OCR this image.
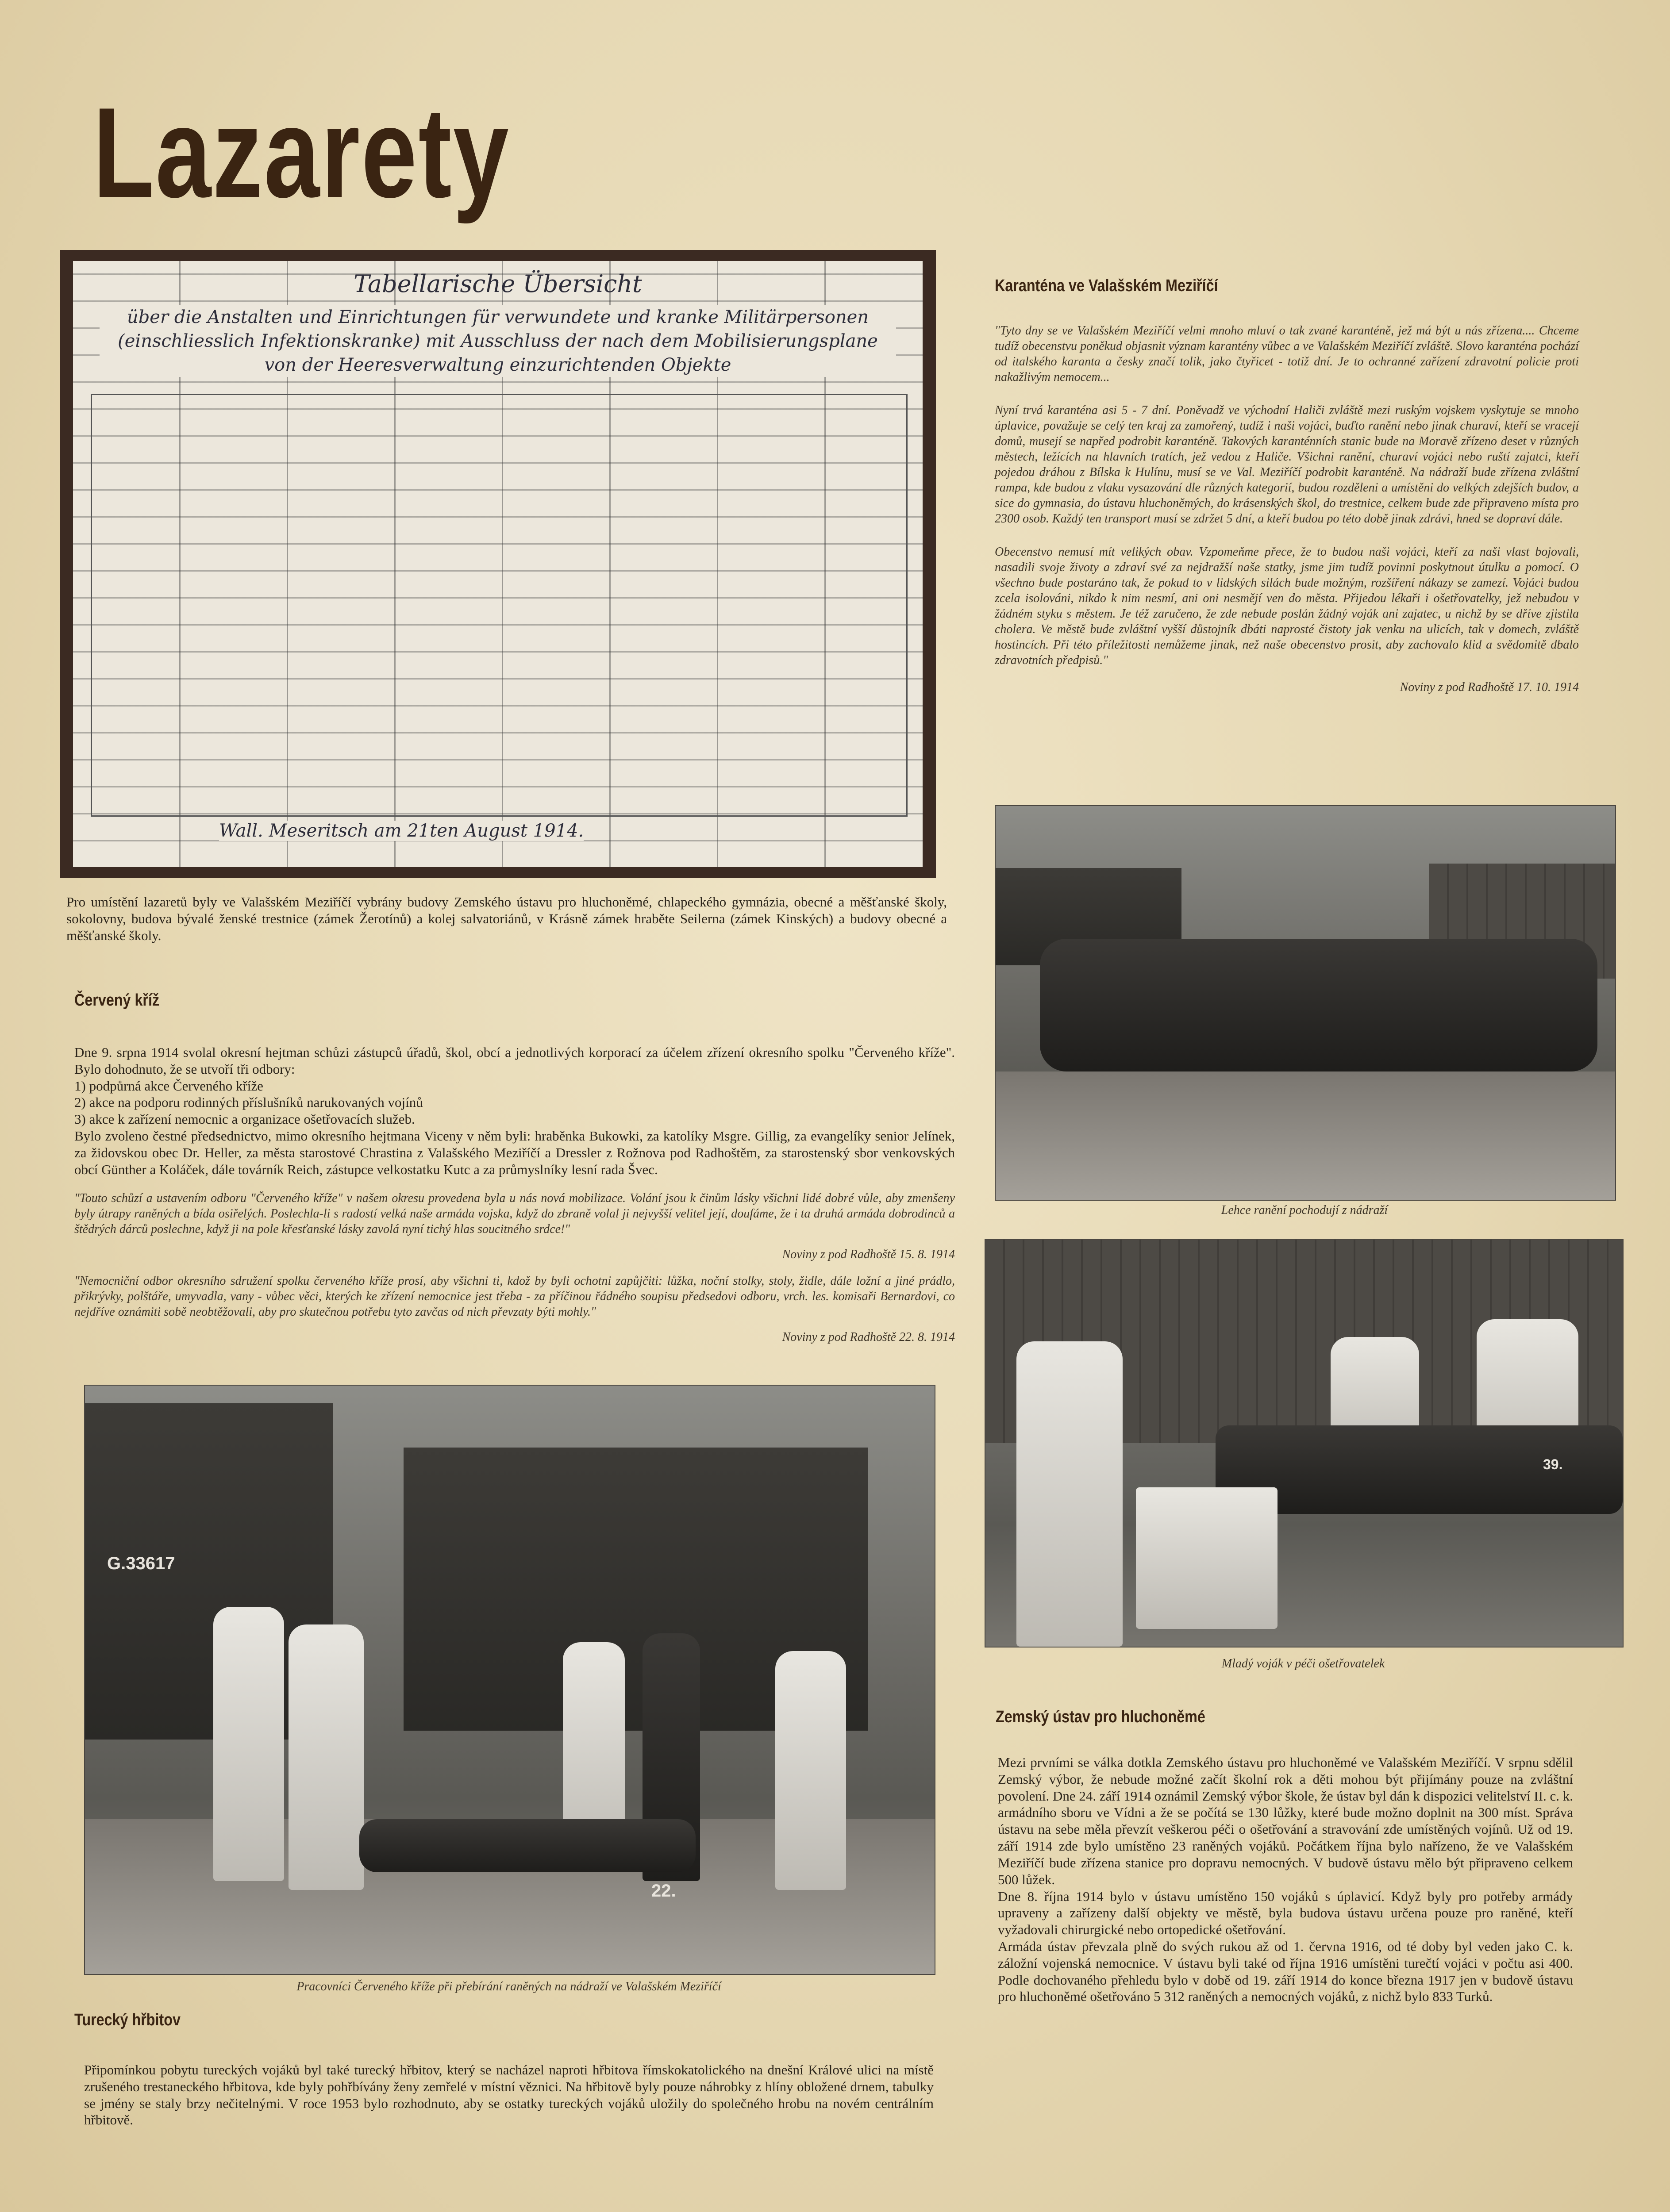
Lazarety
Tabellarische Übersicht
über die Anstalten und Einrichtungen für verwundete und kranke Militärpersonen (einschliesslich Infektionskranke) mit Ausschluss der nach dem Mobilisierungsplane von der Heeresverwaltung einzurichtenden Objekte
Wall. Meseritsch am 21ten August 1914.
Pro umístění lazaretů byly ve Valašském Meziříčí vybrány budovy Zemského ústavu pro hluchoněmé, chlapeckého gymnázia, obecné a měšťanské školy, sokolovny, budova bývalé ženské trestnice (zámek Žerotínů) a kolej salvatoriánů, v Krásně zámek hraběte Seilerna (zámek Kinských) a budovy obecné a měšťanské školy.
Červený kříž

Dne 9. srpna 1914 svolal okresní hejtman schůzi zástupců úřadů, škol, obcí a jednotlivých korporací za účelem zřízení okresního spolku "Červeného kříže". Bylo dohodnuto, že se utvoří tři odbory:

1) podpůrná akce Červeného kříže

2) akce na podporu rodinných příslušníků narukovaných vojínů

3) akce k zařízení nemocnic a organizace ošetřovacích služeb.

Bylo zvoleno čestné předsednictvo, mimo okresního hejtmana Viceny v něm byli: hraběnka Bukowki, za katolíky Msgre. Gillig, za evangelíky senior Jelínek, za židovskou obec Dr. Heller, za města starostové Chrastina z Valašského Meziříčí a Dressler z Rožnova pod Radhoštěm, za starostenský sbor venkovských obcí Günther a Koláček, dále továrník Reich, zástupce velkostatku Kutc a za průmyslníky lesní rada Švec.

"Touto schůzí a ustavením odboru "Červeného kříže" v našem okresu provedena byla u nás nová mobilizace. Volání jsou k činům lásky všichni lidé dobré vůle, aby zmenšeny byly útrapy raněných a bída osiřelých. Poslechla-li s radostí velká naše armáda vojska, když do zbraně volal ji nejvyšší velitel její, doufáme, že i ta druhá armáda dobrodinců a štědrých dárců poslechne, když ji na pole křesťanské lásky zavolá nyní tichý hlas soucitného srdce!"

Noviny z pod Radhoště 15. 8. 1914

"Nemocniční odbor okresního sdružení spolku červeného kříže prosí, aby všichni ti, kdož by byli ochotni zapůjčiti: lůžka, noční stolky, stoly, židle, dále ložní a jiné prádlo, přikrývky, polštáře, umyvadla, vany - vůbec věci, kterých ke zřízení nemocnice jest třeba - za příčinou řádného soupisu předsedovi odboru, vrch. les. komisaři Bernardovi, co nejdříve oznámiti sobě neobtěžovali, aby pro skutečnou potřebu tyto zavčas od nich převzaty býti mohly."

Noviny z pod Radhoště 22. 8. 1914

G.33617
22.
Pracovníci Červeného kříže při přebírání raněných na nádraží ve Valašském Meziříčí
Turecký hřbitov
Připomínkou pobytu tureckých vojáků byl také turecký hřbitov, který se nacházel naproti hřbitova římskokatolického na dnešní Králové ulici na místě zrušeného trestaneckého hřbitova, kde byly pohřbívány ženy zemřelé v místní věznici. Na hřbitově byly pouze náhrobky z hlíny obložené drnem, tabulky se jmény se staly brzy nečitelnými. V roce 1953 bylo rozhodnuto, aby se ostatky tureckých vojáků uložily do společného hrobu na novém centrálním hřbitově.
Karanténa ve Valašském Meziříčí

"Tyto dny se ve Valašském Meziříčí velmi mnoho mluví o tak zvané karanténě, jež má být u nás zřízena.... Chceme tudíž obecenstvu poněkud objasnit význam karantény vůbec a ve Valašském Meziříčí zvláště. Slovo karanténa pochází od italského karanta a česky značí tolik, jako čtyřicet - totiž dní. Je to ochranné zařízení zdravotní policie proti nakažlivým nemocem...

Nyní trvá karanténa asi 5 - 7 dní. Poněvadž ve východní Haliči zvláště mezi ruským vojskem vyskytuje se mnoho úplavice, považuje se celý ten kraj za zamořený, tudíž i naši vojáci, buďto ranění nebo jinak churaví, kteří se vracejí domů, musejí se napřed podrobit karanténě. Takových karanténních stanic bude na Moravě zřízeno deset v různých městech, ležících na hlavních tratích, jež vedou z Haliče. Všichni ranění, churaví vojáci nebo ruští zajatci, kteří pojedou dráhou z Bílska k Hulínu, musí se ve Val. Meziříčí podrobit karanténě. Na nádraží bude zřízena zvláštní rampa, kde budou z vlaku vysazování dle různých kategorií, budou rozděleni a umístěni do velkých zdejších budov, a sice do gymnasia, do ústavu hluchoněmých, do krásenských škol, do trestnice, celkem bude zde připraveno místa pro 2300 osob. Každý ten transport musí se zdržet 5 dní, a kteří budou po této době jinak zdrávi, hned se dopraví dále.

Obecenstvo nemusí mít velikých obav. Vzpomeňme přece, že to budou naši vojáci, kteří za naši vlast bojovali, nasadili svoje životy a zdraví své za nejdražší naše statky, jsme jim tudíž povinni poskytnout útulku a pomocí. O všechno bude postaráno tak, že pokud to v lidských silách bude možným, rozšíření nákazy se zamezí. Vojáci budou zcela isolováni, nikdo k nim nesmí, ani oni nesmějí ven do města. Přijedou lékaři i ošetřovatelky, jež nebudou v žádném styku s městem. Je též zaručeno, že zde nebude poslán žádný voják ani zajatec, u nichž by se dříve zjistila cholera. Ve městě bude zvláštní vyšší důstojník dbáti naprosté čistoty jak venku na ulicích, tak v domech, zvláště hostincích. Při této příležitosti nemůžeme jinak, než naše obecenstvo prosit, aby zachovalo klid a svědomitě dbalo zdravotních předpisů."

Noviny z pod Radhoště 17. 10. 1914

Lehce ranění pochodují z nádraží
39.
Mladý voják v péči ošetřovatelek
Zemský ústav pro hluchoněmé

Mezi prvními se válka dotkla Zemského ústavu pro hluchoněmé ve Valašském Meziříčí. V srpnu sdělil Zemský výbor, že nebude možné začít školní rok a děti mohou být přijímány pouze na zvláštní povolení. Dne 24. září 1914 oznámil Zemský výbor škole, že ústav byl dán k dispozici velitelství II. c. k. armádního sboru ve Vídni a že se počítá se 130 lůžky, které bude možno doplnit na 300 míst. Správa ústavu na sebe měla převzít veškerou péči o ošetřování a stravování zde umístěných vojínů. Už od 19. září 1914 zde bylo umístěno 23 raněných vojáků. Počátkem října bylo nařízeno, že ve Valašském Meziříčí bude zřízena stanice pro dopravu nemocných. V budově ústavu mělo být připraveno celkem 500 lůžek.

Dne 8. října 1914 bylo v ústavu umístěno 150 vojáků s úplavicí. Když byly pro potřeby armády upraveny a zařízeny další objekty ve městě, byla budova ústavu určena pouze pro raněné, kteří vyžadovali chirurgické nebo ortopedické ošetřování.

Armáda ústav převzala plně do svých rukou až od 1. června 1916, od té doby byl veden jako C. k. záložní vojenská nemocnice. V ústavu byli také od října 1916 umístěni turečtí vojáci v počtu asi 400. Podle dochovaného přehledu bylo v době od 19. září 1914 do konce března 1917 jen v budově ústavu pro hluchoněmé ošetřováno 5 312 raněných a nemocných vojáků, z nichž bylo 833 Turků.
